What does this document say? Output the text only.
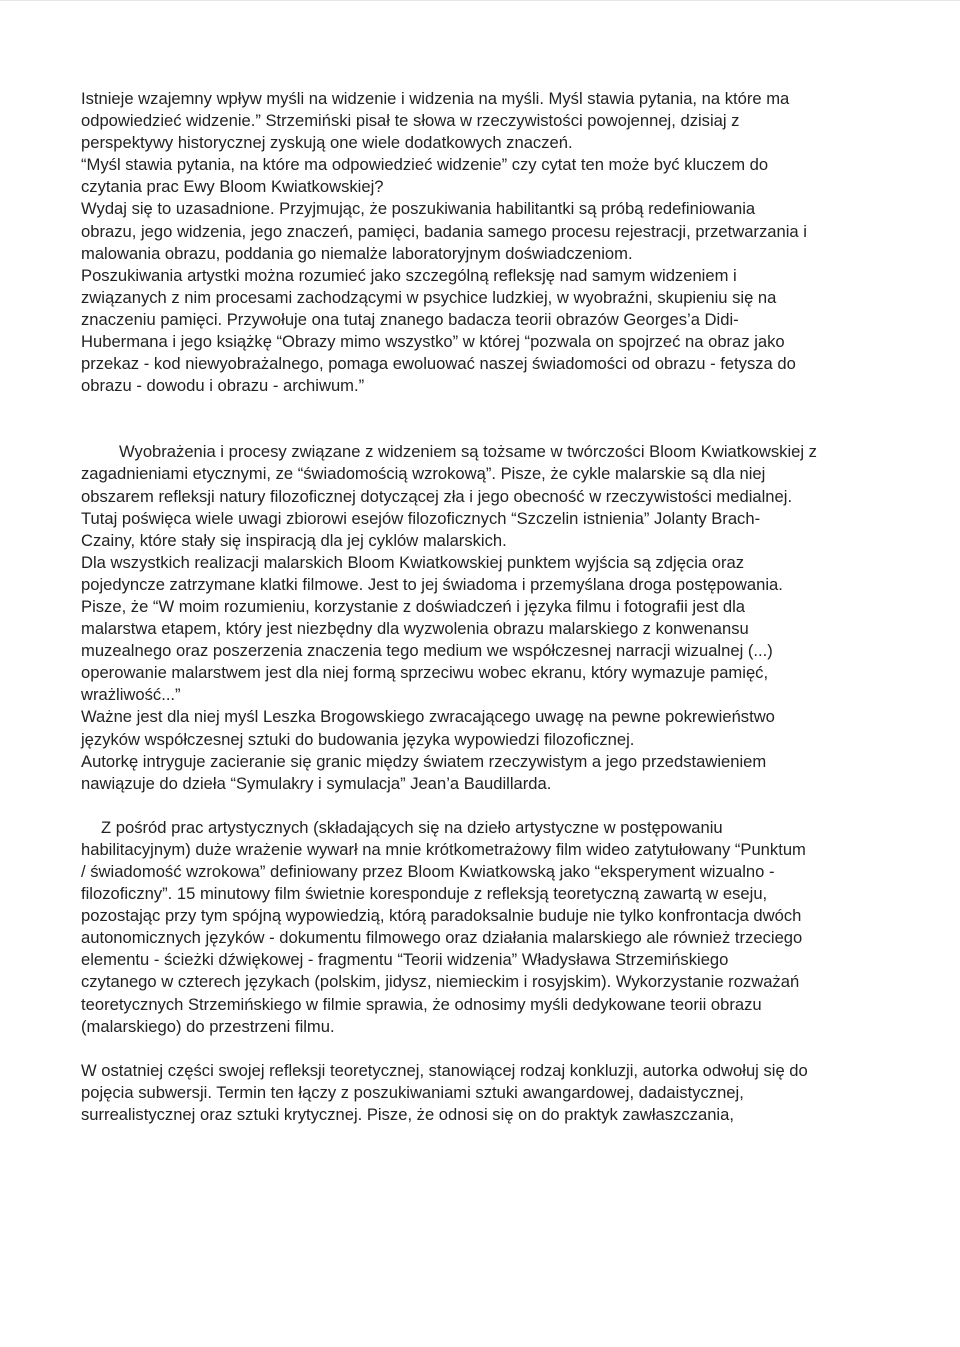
Istnieje wzajemny wpływ myśli na widzenie i widzenia na myśli. Myśl stawia pytania, na które ma

odpowiedzieć widzenie.” Strzemiński pisał te słowa w rzeczywistości powojennej, dzisiaj z

perspektywy historycznej zyskują one wiele dodatkowych znaczeń.

“Myśl stawia pytania, na które ma odpowiedzieć widzenie” czy cytat ten może być kluczem do

czytania prac Ewy Bloom Kwiatkowskiej?

Wydaj się to uzasadnione. Przyjmując, że poszukiwania habilitantki są próbą redefiniowania

obrazu, jego widzenia, jego znaczeń, pamięci, badania samego procesu rejestracji, przetwarzania i

malowania obrazu, poddania go niemalże laboratoryjnym doświadczeniom.

Poszukiwania artystki można rozumieć jako szczególną refleksję nad samym widzeniem i

związanych z nim procesami zachodzącymi w psychice ludzkiej, w wyobraźni, skupieniu się na

znaczeniu pamięci. Przywołuje ona tutaj znanego badacza teorii obrazów Georges’a Didi-

Hubermana i jego książkę “Obrazy mimo wszystko” w której “pozwala on spojrzeć na obraz jako

przekaz - kod niewyobrażalnego, pomaga ewoluować naszej świadomości od obrazu - fetysza do

obrazu - dowodu i obrazu - archiwum.”

Wyobrażenia i procesy związane z widzeniem są tożsame w twórczości Bloom Kwiatkowskiej z

zagadnieniami etycznymi, ze “świadomością wzrokową”. Pisze, że cykle malarskie są dla niej

obszarem refleksji natury filozoficznej dotyczącej zła i jego obecność w rzeczywistości medialnej.

Tutaj poświęca wiele uwagi zbiorowi esejów filozoficznych “Szczelin istnienia” Jolanty Brach-

Czainy, które stały się inspiracją dla jej cyklów malarskich.

Dla wszystkich realizacji malarskich Bloom Kwiatkowskiej punktem wyjścia są zdjęcia oraz

pojedyncze zatrzymane klatki filmowe. Jest to jej świadoma i przemyślana droga postępowania.

Pisze, że “W moim rozumieniu, korzystanie z doświadczeń i języka filmu i fotografii jest dla

malarstwa etapem, który jest niezbędny dla wyzwolenia obrazu malarskiego z konwenansu

muzealnego oraz poszerzenia znaczenia tego medium we współczesnej narracji wizualnej (...)

operowanie malarstwem jest dla niej formą sprzeciwu wobec ekranu, który wymazuje pamięć,

wrażliwość...”

Ważne jest dla niej myśl Leszka Brogowskiego zwracającego uwagę na pewne pokrewieństwo

języków współczesnej sztuki do budowania języka wypowiedzi filozoficznej.

Autorkę intryguje zacieranie się granic między światem rzeczywistym a jego przedstawieniem

nawiązuje do dzieła “Symulakry i symulacja” Jean’a Baudillarda.

Z pośród prac artystycznych (składających się na dzieło artystyczne w postępowaniu

habilitacyjnym) duże wrażenie wywarł na mnie krótkometrażowy film wideo zatytułowany “Punktum

/ świadomość wzrokowa” definiowany przez Bloom Kwiatkowską jako “eksperyment wizualno -

filozoficzny”. 15 minutowy film świetnie koresponduje z refleksją teoretyczną zawartą w eseju,

pozostając przy tym spójną wypowiedzią, którą paradoksalnie buduje nie tylko konfrontacja dwóch

autonomicznych języków - dokumentu filmowego oraz działania malarskiego ale również trzeciego

elementu - ścieżki dźwiękowej - fragmentu “Teorii widzenia” Władysława Strzemińskiego

czytanego w czterech językach (polskim, jidysz, niemieckim i rosyjskim). Wykorzystanie rozważań

teoretycznych Strzemińskiego w filmie sprawia, że odnosimy myśli dedykowane teorii obrazu

(malarskiego) do przestrzeni filmu.

W ostatniej części swojej refleksji teoretycznej, stanowiącej rodzaj konkluzji, autorka odwołuj się do

pojęcia subwersji. Termin ten łączy z poszukiwaniami sztuki awangardowej, dadaistycznej,

surrealistycznej oraz sztuki krytycznej. Pisze, że odnosi się on do praktyk zawłaszczania,
